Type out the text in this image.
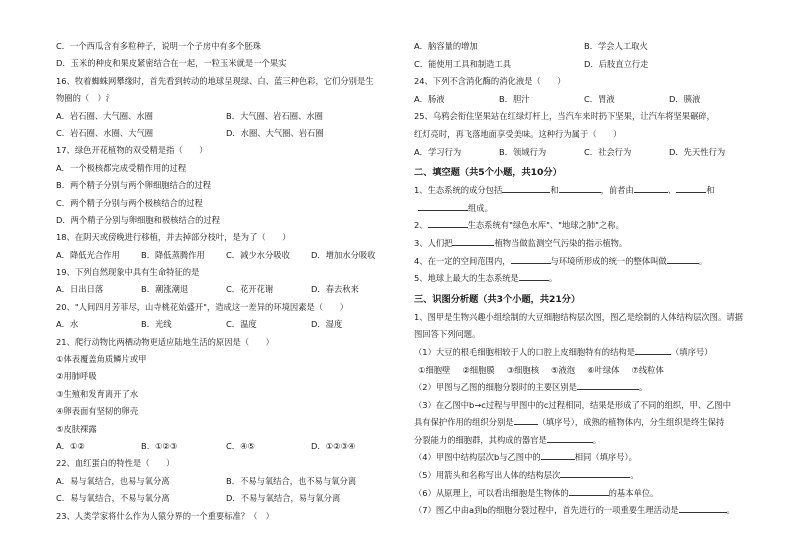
C．一个西瓜含有多粒种子，说明一个子房中有多个胚珠
D．玉米的种皮和果皮紧密结合在一起，一粒玉米就是一个果实
16、牧着蜘蛛网攀缘时，首先看到转动的地球呈现绿、白、蓝三种色彩，它们分别是生
物圈的（　）氵
A．岩石圈、大气圈、水圈	B．大气圈、岩石圈、水圈
C．岩石圈、水圈、大气圈	D．水圈、大气圈、岩石圈
17、绿色开花植物的双受精是指（　　）
A．一个极核都完成受精作用的过程
B．两个精子分别与两个卵细胞结合的过程
C．两个精子分别与两个极核结合的过程
D．两个精子分别与卵细胞和极核结合的过程
18、在阴天或傍晚进行移植，并去掉部分枝叶，是为了（　　）
A．降低光合作用	B．降低蒸腾作用	C．减少水分吸收	D．增加水分吸收
19、下列自然现象中具有生命特征的是
A．日出日落	B．潮涨潮退	C．花开花谢	D．春去秋来
20、"人间四月芳菲尽，山寺桃花始盛开"，造成这一差异的环境因素是（　　）
A．水	B．光线	C．温度	D．湿度
21、爬行动物比两栖动物更适应陆地生活的原因是（　　）
①体表覆盖角质鳞片或甲
②用肺呼吸
③生殖和发育离开了水
④卵表面有坚韧的卵壳
⑤皮肤裸露
A．①②	B．①②③	C．④⑤	D．①②③④
22、血红蛋白的特性是（　　）
A．易与氧结合，也易与氧分离	B．不易与氧结合，也不易与氧分离
C．易与氧结合，不易与氧分离	D．不易与氧结合，易与氧分离
23、人类学家将什么作为人猿分界的一个重要标准？（　）
A．脑容量的增加	B．学会人工取火
C．能使用工具和制造工具	D．后肢直立行走
24、下列不含消化酶的消化液是（　　）
A．肠液	B．胆汁	C．胃液	D．胰液
25、乌鸦会衔住坚果站在红绿灯杆上，当汽车来时扔下坚果，让汽车将坚果碾碎，
红灯亮时，再飞落地面享受美味。这种行为属于（　　）
A．学习行为	B．领域行为	C．社会行为	D．先天性行为
二、填空题（共5个小题，共10分）
1、生态系统的成分包括	和	，前者由	、	和
组成。
2、	生态系统有"绿色水库"、"地球之肺"之称。
3、人们把	植物当做监测空气污染的指示植物。
4、在一定的空间范围内，	与环境所形成的统一的整体叫做	。
5、地球上最大的生态系统是	。
三、识图分析题（共3个小题，共21分）
1、图甲是生物兴趣小组绘制的大豆细胞结构层次图，图乙是绘制的人体结构层次图。请据
图回答下列问题。
（1）大豆的根毛细胞相较于人的口腔上皮细胞特有的结构是	（填序号）
①细胞壁 ②细胞膜 ③细胞核 ⑤液泡 ⑥叶绿体 ⑦线粒体
（2）甲图与乙图的细胞分裂时的主要区别是	。
（3）在乙图中b→c过程与甲图中的c过程相同，结果是形成了不同的组织，甲、乙图中
具有保护作用的组织分别是	（填序号），成熟的植物体内，分生组织是终生保持
分裂能力的细胞群，其构成的器官是	。
（4）甲图中结构层次b与乙图中的	相同（填序号）。
（5）用箭头和名称写出人体的结构层次	。
（6）从原理上，可以看出细胞是生物体的	的基本单位。
（7）图乙中由a到b的细胞分裂过程中，首先进行的一项重要生理活动是	。
